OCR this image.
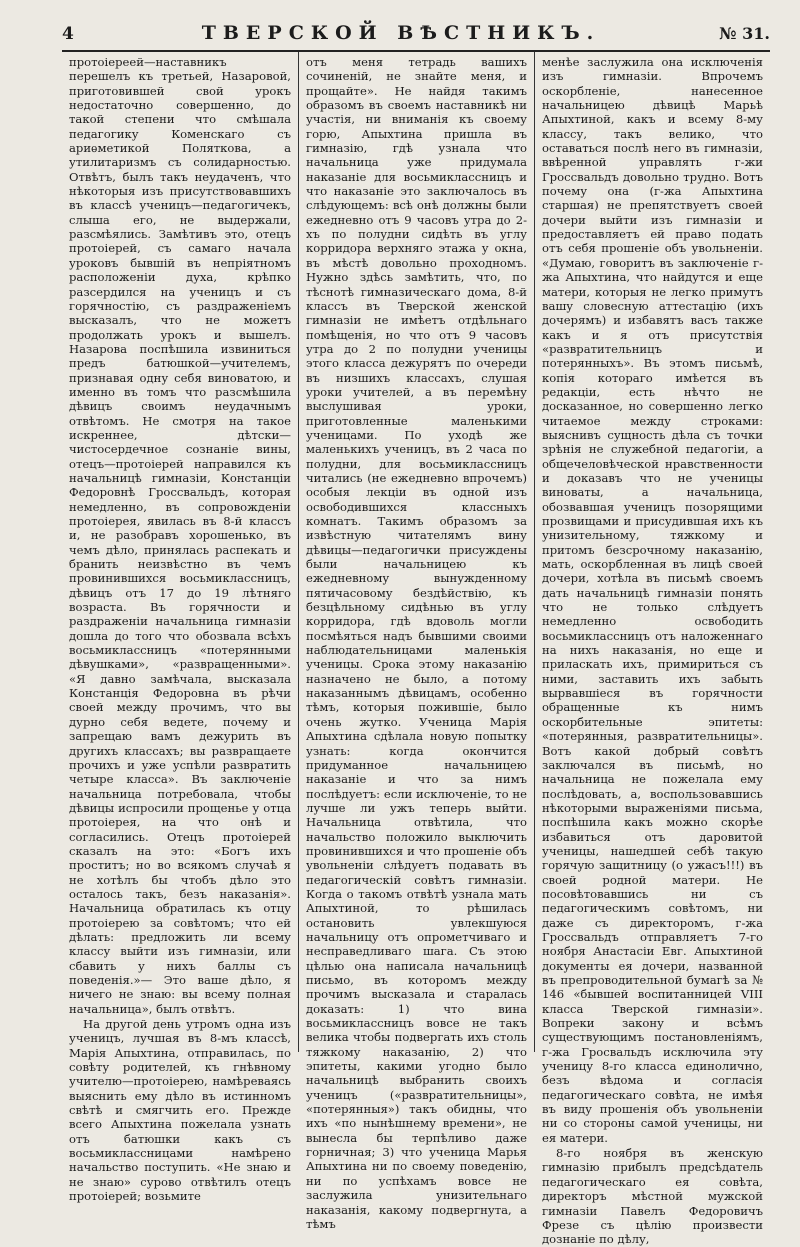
4	ТВЕРСКОЙ ВѢСТНИКЪ.	№ 31.

протоіереей—наставникъ перешелъ къ третьей, Назаровой, приготовившей свой урокъ недостаточно совершенно, до такой степени что смѣшала педагогику Коменскаго съ ариѳметикой Поляткова, а утилитаризмъ съ солидарностью. Отвѣтъ, былъ такъ неудаченъ, что нѣкоторыя изъ присутствовавшихъ въ классѣ ученицъ—педагогичекъ, слыша его, не выдержали, разсмѣялись. Замѣтивъ это, отецъ протоіерей, съ самаго начала уроковъ бывшій въ непріятномъ расположеніи духа, крѣпко разсердился на ученицъ и съ горячностію, съ раздраженіемъ высказалъ, что не можетъ продолжать урокъ и вышелъ. Назарова поспѣшила извиниться предъ батюшкой—учителемъ, признавая одну себя виноватою, и именно въ томъ что разсмѣшила дѣвицъ своимъ неудачнымъ отвѣтомъ. Не смотря на такое искреннее, дѣтски—чистосердечное сознаніе вины, отецъ—протоіерей направился къ начальницѣ гимназіи, Констанціи Федоровнѣ Гроссвальдъ, которая немедленно, въ сопровожденіи протоіерея, явилась въ 8-й классъ и, не разобравъ хорошенько, въ чемъ дѣло, принялась распекать и бранить неизвѣстно въ чемъ провинившихся восьмиклассницъ, дѣвицъ отъ 17 до 19 лѣтняго возраста. Въ горячности и раздраженіи начальница гимназіи дошла до того что обозвала всѣхъ восьмиклассницъ «потерянными дѣвушками», «развращенными». «Я давно замѣчала, высказала Констанція Федоровна въ рѣчи своей между прочимъ, что вы дурно себя ведете, почему и запрещаю вамъ дежурить въ другихъ классахъ; вы развращаете прочихъ и уже успѣли развратить четыре класса». Въ заключеніе начальница потребовала, чтобы дѣвицы испросили прощенье у отца протоіерея, на что онѣ и согласились. Отецъ протоіерей сказалъ на это: «Богъ ихъ проститъ; но во всякомъ случаѣ я не хотѣлъ бы чтобъ дѣло это осталось такъ, безъ наказанія». Начальница обратилась къ отцу протоіерею за совѣтомъ; что ей дѣлать: предложить ли всему классу выйти изъ гимназіи, или сбавить у нихъ баллы съ поведенія.»— Это ваше дѣло, я ничего не знаю: вы всему полная начальница», былъ отвѣтъ.

На другой день утромъ одна изъ ученицъ, лучшая въ 8-мъ классѣ, Марія Апыхтина, отправилась, по совѣту родителей, къ гнѣвному учителю—протоіерею, намѣреваясь выяснить ему дѣло въ истинномъ свѣтѣ и смягчить его. Прежде всего Апыхтина пожелала узнать отъ батюшки какъ съ восьмиклассницами намѣрено начальство поступить. «Не знаю и не знаю» сурово отвѣтилъ отецъ протоіерей; возьмите

отъ меня тетрадь вашихъ сочиненій, не знайте меня, и прощайте». Не найдя такимъ образомъ въ своемъ наставникѣ ни участія, ни вниманія къ своему горю, Апыхтина пришла въ гимназію, гдѣ узнала что начальница уже придумала наказаніе для восьмиклассницъ и что наказаніе это заключалось въ слѣдующемъ: всѣ онѣ должны были ежедневно отъ 9 часовъ утра до 2-хъ по полудни сидѣть въ углу корридора верхняго этажа у окна, въ мѣстѣ довольно проходномъ. Нужно здѣсь замѣтить, что, по тѣснотѣ гимназическаго дома, 8-й классъ въ Тверской женской гимназіи не имѣетъ отдѣльнаго помѣщенія, но что отъ 9 часовъ утра до 2 по полудни ученицы этого класса дежурятъ по очереди въ низшихъ классахъ, слушая уроки учителей, а въ перемѣну выслушивая уроки, приготовленные маленькими ученицами. По уходѣ же маленькихъ ученицъ, въ 2 часа по полудни, для восьмиклассницъ читались (не ежедневно впрочемъ) особыя лекціи въ одной изъ освободившихся классныхъ комнатъ. Такимъ образомъ за извѣстную читателямъ вину дѣвицы—педагогички присуждены были начальницею къ ежедневному вынужденному пятичасовому бездѣйствію, къ безцѣльному сидѣнью въ углу корридора, гдѣ вдоволь могли посмѣяться надъ бывшими своими наблюдательницами маленькія ученицы. Срока этому наказанію назначено не было, а потому наказаннымъ дѣвицамъ, особенно тѣмъ, которыя пожившіе, было очень жутко. Ученица Марія Апыхтина сдѣлала новую попытку узнать: когда окончится придуманное начальницею наказаніе и что за нимъ послѣдуетъ: если исключеніе, то не лучше ли ужъ теперь выйти. Начальница отвѣтила, что начальство положило выключить провинившихся и что прошеніе объ увольненіи слѣдуетъ подавать въ педагогическій совѣтъ гимназіи. Когда о такомъ отвѣтѣ узнала мать Апыхтиной, то рѣшилась остановить увлекшуюся начальницу отъ опрометчиваго и несправедливаго шага. Съ этою цѣлью она написала начальницѣ письмо, въ которомъ между прочимъ высказала и старалась доказать: 1) что вина восьмиклассницъ вовсе не такъ велика чтобы подвергать ихъ столь тяжкому наказанію, 2) что эпитеты, какими угодно было начальницѣ выбранить своихъ ученицъ («развратительницы», «потерянныя») такъ обидны, что ихъ «по нынѣшнему времени», не вынесла бы терпѣливо даже горничная; 3) что ученица Марья Апыхтина ни по своему поведенію, ни по успѣхамъ вовсе не заслужила унизительнаго наказанія, какому подвергнута, а тѣмъ

менѣе заслужила она исключенія изъ гимназіи. Впрочемъ оскорбленіе, нанесенное начальницею дѣвицѣ Марьѣ Апыхтиной, какъ и всему 8-му классу, такъ велико, что оставаться послѣ него въ гимназіи, ввѣренной управлять г-жи Гроссвальдъ довольно трудно. Вотъ почему она (г-жа Апыхтина старшая) не препятствуетъ своей дочери выйти изъ гимназіи и предоставляетъ ей право подать отъ себя прошеніе объ увольненіи. «Думаю, говоритъ въ заключеніе г-жа Апыхтина, что найдутся и еще матери, которыя не легко примутъ вашу словесную аттестацію (ихъ дочерямъ) и избавятъ васъ также какъ и я отъ присутствія «развратительницъ и потерянныхъ». Въ этомъ письмѣ, копія котораго имѣется въ редакціи, есть нѣчто не досказанное, но совершенно легко читаемое между строками: выяснивъ сущность дѣла съ точки зрѣнія не служебной педагогіи, а общечеловѣческой нравственности и доказавъ что не ученицы виноваты, а начальница, обозвавшая ученицъ позорящими прозвищами и присудившая ихъ къ унизительному, тяжкому и притомъ безсрочному наказанію, мать, оскорбленная въ лицѣ своей дочери, хотѣла въ письмѣ своемъ дать начальницѣ гимназіи понять что не только слѣдуетъ немедленно освободить восьмиклассницъ отъ наложеннаго на нихъ наказанія, но еще и приласкать ихъ, примириться съ ними, заставить ихъ забыть вырвавшіеся въ горячности обращенные къ нимъ оскорбительные эпитеты: «потерянныя, развратительницы». Вотъ какой добрый совѣтъ заключался въ письмѣ, но начальница не пожелала ему послѣдовать, а, воспользовавшись нѣкоторыми выраженіями письма, поспѣшила какъ можно скорѣе избавиться отъ даровитой ученицы, нашедшей себѣ такую горячую защитницу (о ужасъ!!!) въ своей родной матери. Не посовѣтовавшись ни съ педагогическимъ совѣтомъ, ни даже съ директоромъ, г-жа Гроссвальдъ отправляетъ 7-го ноября Анастасіи Евг. Апыхтиной документы ея дочери, названной въ препроводительной бумагѣ за № 146 «бывшей воспитанницей VIII класса Тверской гимназіи». Вопреки закону и всѣмъ существующимъ постановленіямъ, г-жа Гросвальдъ исключила эту ученицу 8-го класса единолично, безъ вѣдома и согласія педагогическаго совѣта, не имѣя въ виду прошенія объ увольненіи ни со стороны самой ученицы, ни ея матери.

8-го ноября въ женскую гимназію прибылъ предсѣдатель педагогическаго ея совѣта, директоръ мѣстной мужской гимназіи Павелъ Федоровичъ Фрезе съ цѣлію произвести дознаніе по дѣлу,
